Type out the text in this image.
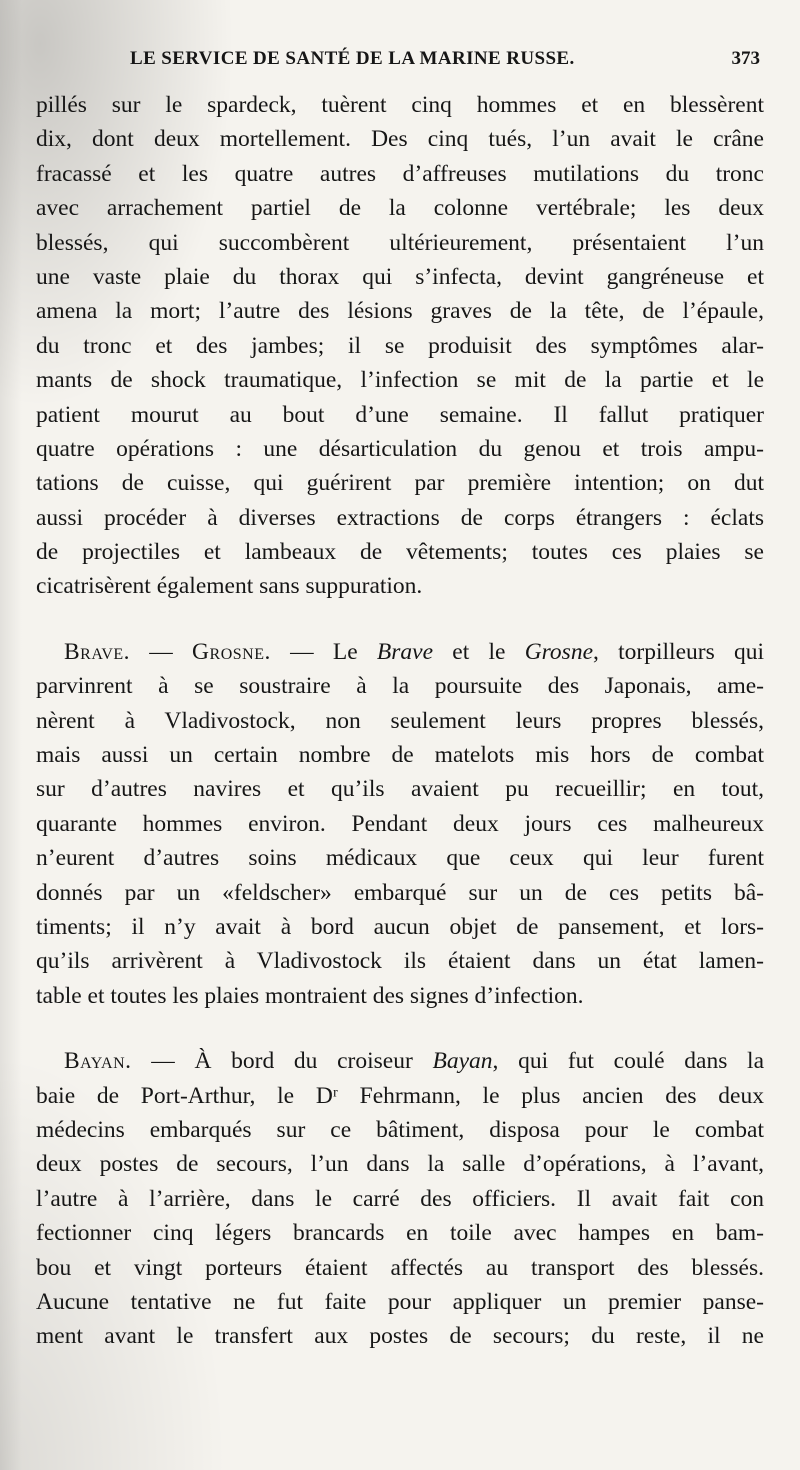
LE SERVICE DE SANTÉ DE LA MARINE RUSSE.	373
pillés sur le spardeck, tuèrent cinq hommes et en blessèrent
dix, dont deux mortellement. Des cinq tués, l’un avait le crâne
fracassé et les quatre autres d’affreuses mutilations du tronc
avec arrachement partiel de la colonne vertébrale; les deux
blessés, qui succombèrent ultérieurement, présentaient l’un
une vaste plaie du thorax qui s’infecta, devint gangréneuse et
amena la mort; l’autre des lésions graves de la tête, de l’épaule,
du tronc et des jambes; il se produisit des symptômes alar-
mants de shock traumatique, l’infection se mit de la partie et le
patient mourut au bout d’une semaine. Il fallut pratiquer
quatre opérations : une désarticulation du genou et trois ampu-
tations de cuisse, qui guérirent par première intention; on dut
aussi procéder à diverses extractions de corps étrangers : éclats
de projectiles et lambeaux de vêtements; toutes ces plaies se
cicatrisèrent également sans suppuration.
Brave. — Grosne. — Le Brave et le Grosne, torpilleurs qui
parvinrent à se soustraire à la poursuite des Japonais, ame-
nèrent à Vladivostock, non seulement leurs propres blessés,
mais aussi un certain nombre de matelots mis hors de combat
sur d’autres navires et qu’ils avaient pu recueillir; en tout,
quarante hommes environ. Pendant deux jours ces malheureux
n’eurent d’autres soins médicaux que ceux qui leur furent
donnés par un «feldscher» embarqué sur un de ces petits bâ-
timents; il n’y avait à bord aucun objet de pansement, et lors-
qu’ils arrivèrent à Vladivostock ils étaient dans un état lamen-
table et toutes les plaies montraient des signes d’infection.
Bayan. — À bord du croiseur Bayan, qui fut coulé dans la
baie de Port-Arthur, le Dʳ Fehrmann, le plus ancien des deux
médecins embarqués sur ce bâtiment, disposa pour le combat
deux postes de secours, l’un dans la salle d’opérations, à l’avant,
l’autre à l’arrière, dans le carré des officiers. Il avait fait con
fectionner cinq légers brancards en toile avec hampes en bam-
bou et vingt porteurs étaient affectés au transport des blessés.
Aucune tentative ne fut faite pour appliquer un premier panse-
ment avant le transfert aux postes de secours; du reste, il ne
